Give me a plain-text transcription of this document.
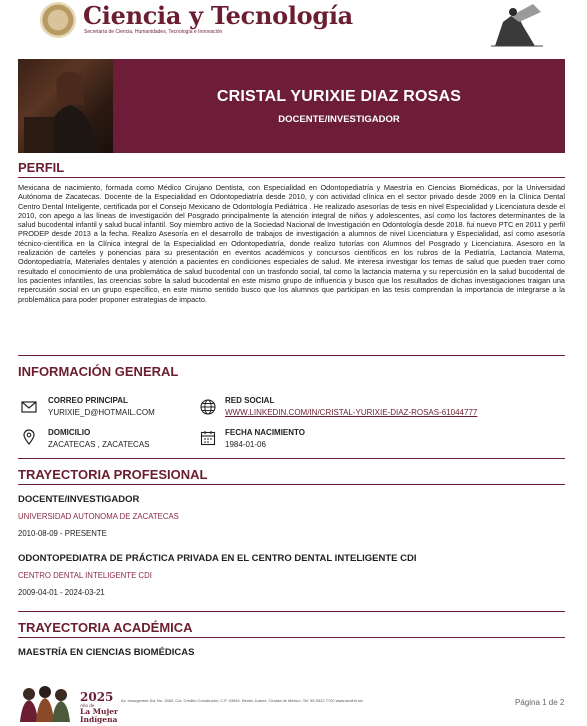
Ciencia y Tecnología
Secretaría de Ciencia, Humanidades, Tecnología e Innovación
CRISTAL YURIXIE DIAZ ROSAS
DOCENTE/INVESTIGADOR
PERFIL
Mexicana de nacimiento, formada como Médico Cirujano Dentista, con Especialidad en Odontopediatría y Maestría en Ciencias Biomédicas, por la Universidad Autónoma de Zacatecas. Docente de la Especialidad en Odontopediatría desde 2010, y con actividad clínica en el sector privado desde 2009 en la Clínica Dental Centro Dental Inteligente, certificada por el Consejo Mexicano de Odontología Pediátrica . He realizado asesorías de tesis en nivel Especialidad y Licenciatura desde el 2010, con apego a las líneas de investigación del Posgrado principalmente la atención integral de niños y adolescentes, así como los factores determinantes de la salud bucodental infantil y salud bucal infantil. Soy miembro activo de la Sociedad Nacional de Investigación en Odontología desde 2018. fui nuevo PTC en 2011 y perfil PRODEP desde 2013 a la fecha. Realizo Asesoría en el desarrollo de trabajos de investigación a alumnos de nivel Licenciatura y Especialidad, así como asesoría técnico-científica en la Clínica integral de la Especialidad en Odontopediatría, donde realizo tutorías con Alumnos del Posgrado y Licenciatura. Asesoro en la realización de carteles y ponencias para su presentación en eventos académicos y concursos científicos en los rubros de la Pediatría, Lactancia Materna, Odontopediatría, Materiales dentales y atención a pacientes en condiciones especiales de salud. Me interesa investigar los temas de salud que pueden traer como resultado el conocimiento de una problemática de salud bucodental con un trasfondo social, tal como la lactancia materna y su repercusión en la salud bucodental de los pacientes infantiles, las creencias sobre la salud bucodental en este mismo grupo de influencia y busco que los resultados de dichas investigaciones traigan una repercusión social en un grupo específico, en este mismo sentido busco que los alumnos que participan en las tesis comprendan la importancia de integrarse a la problemática para poder proponer estrategias de impacto.
INFORMACIÓN GENERAL
CORREO PRINCIPAL
YURIXIE_D@HOTMAIL.COM
RED SOCIAL
WWW.LINKEDIN.COM/IN/CRISTAL-YURIXIE-DIAZ-ROSAS-61044777
DOMICILIO
ZACATECAS , ZACATECAS
FECHA NACIMIENTO
1984-01-06
TRAYECTORIA PROFESIONAL
DOCENTE/INVESTIGADOR
UNIVERSIDAD AUTONOMA DE ZACATECAS
2010-08-09 - PRESENTE
ODONTOPEDIATRA DE PRÁCTICA PRIVADA EN EL CENTRO DENTAL INTELIGENTE CDI
CENTRO DENTAL INTELIGENTE CDI
2009-04-01 - 2024-03-21
TRAYECTORIA ACADÉMICA
MAESTRÍA EN CIENCIAS BIOMÉDICAS
2025
Año de
La Mujer
Indígena
Av. Insurgentes Sur No. 1582, Col. Crédito Constructor, C.P. 03940, Benito Juárez, Ciudad de México. Tel: 55 5322 7700 www.secihti.mx	Página 1 de 2
